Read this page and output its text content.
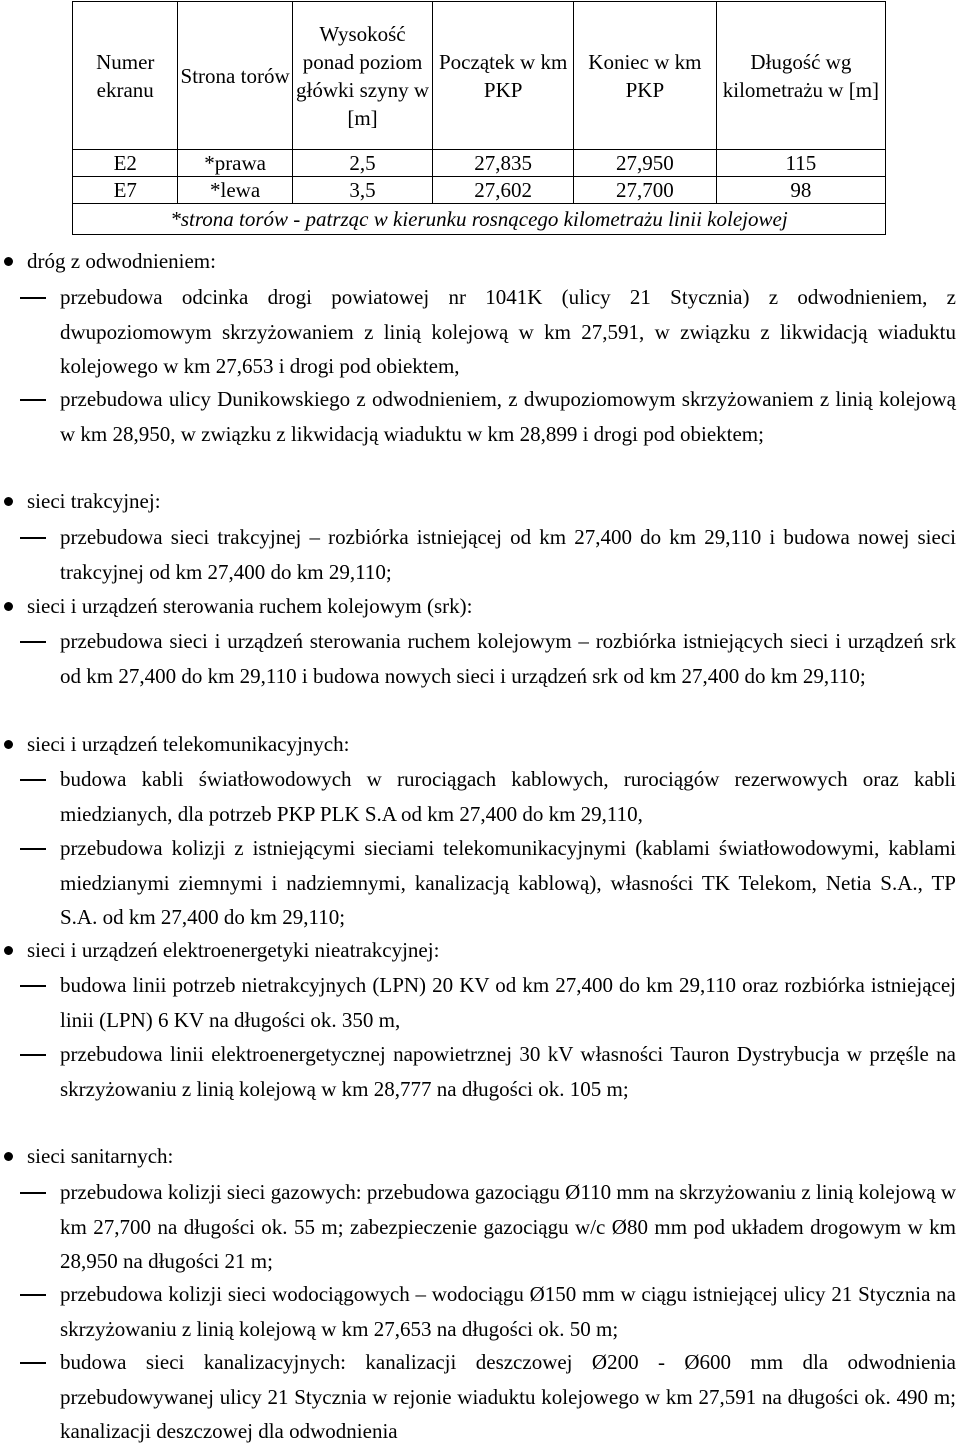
Numer ekranu	Strona torów	Wysokość ponad poziom główki szyny w [m]	Początek w km PKP	Koniec w km PKP	Długość wg kilometrażu w [m]
E2	*prawa	2,5	27,835	27,950	115
E7	*lewa	3,5	27,602	27,700	98
*strona torów - patrząc w kierunku rosnącego kilometrażu linii kolejowej					
dróg z odwodnieniem:
przebudowa odcinka drogi powiatowej nr 1041K (ulicy 21 Stycznia) z odwodnieniem, z dwupoziomowym skrzyżowaniem z linią kolejową w km 27,591, w związku z likwidacją wiaduktu kolejowego w km 27,653 i drogi pod obiektem,
przebudowa ulicy Dunikowskiego z odwodnieniem, z dwupoziomowym skrzyżowaniem z linią kolejową w km 28,950, w związku z likwidacją wiaduktu w km 28,899 i drogi pod obiektem;
sieci trakcyjnej:
przebudowa sieci trakcyjnej – rozbiórka istniejącej od km 27,400 do km 29,110 i budowa nowej sieci trakcyjnej od km 27,400 do km 29,110;
sieci i urządzeń sterowania ruchem kolejowym (srk):
przebudowa sieci i urządzeń sterowania ruchem kolejowym – rozbiórka istniejących sieci i urządzeń srk od km 27,400 do km 29,110 i budowa nowych sieci i urządzeń srk od km 27,400 do km 29,110;
sieci i urządzeń telekomunikacyjnych:
budowa kabli światłowodowych w rurociągach kablowych, rurociągów rezerwowych oraz kabli miedzianych, dla potrzeb PKP PLK S.A od km 27,400 do km 29,110,
przebudowa kolizji z istniejącymi sieciami telekomunikacyjnymi (kablami światłowodowymi, kablami miedzianymi ziemnymi i nadziemnymi, kanalizacją kablową), własności TK Telekom, Netia S.A., TP S.A. od km 27,400 do km 29,110;
sieci i urządzeń elektroenergetyki nieatrakcyjnej:
budowa linii potrzeb nietrakcyjnych (LPN) 20 KV od km 27,400 do km 29,110 oraz rozbiórka istniejącej linii (LPN) 6 KV na długości ok. 350 m,
przebudowa linii elektroenergetycznej napowietrznej 30 kV własności Tauron Dystrybucja w przęśle na skrzyżowaniu z linią kolejową w km 28,777 na długości ok. 105 m;
sieci sanitarnych:
przebudowa kolizji sieci gazowych: przebudowa gazociągu Ø110 mm na skrzyżowaniu z linią kolejową w km 27,700 na długości ok. 55 m; zabezpieczenie gazociągu w/c Ø80 mm pod układem drogowym w km 28,950 na długości 21 m;
przebudowa kolizji sieci wodociągowych – wodociągu Ø150 mm w ciągu istniejącej ulicy 21 Stycznia na skrzyżowaniu z linią kolejową w km 27,653 na długości ok. 50 m;
budowa sieci kanalizacyjnych: kanalizacji deszczowej Ø200 - Ø600 mm dla odwodnienia przebudowywanej ulicy 21 Stycznia w rejonie wiaduktu kolejowego w km 27,591 na długości ok. 490 m; kanalizacji deszczowej dla odwodnienia
